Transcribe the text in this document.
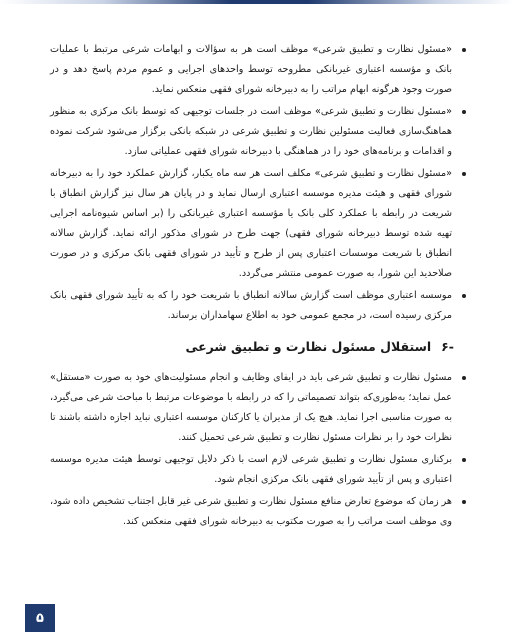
«مسئول نظارت و تطبیق شرعی» موظف است هر به سؤالات و ابهامات شرعی مرتبط با عملیات بانک و مؤسسه اعتباری غیربانکی مطروحه توسط واحدهای اجرایی و عموم مردم پاسخ دهد و در صورت وجود هرگونه ابهام مراتب را به دبیرخانه شورای فقهی منعکس نماید.
«مسئول نظارت و تطبیق شرعی» موظف است در جلسات توجیهی که توسط بانک مرکزی به منظور هماهنگ‌سازی فعالیت مسئولین نظارت و تطبیق شرعی در شبکه بانکی برگزار می‌شود شرکت نموده و اقدامات و برنامه‌های خود را در هماهنگی با دبیرخانه شورای فقهی عملیاتی سازد.
«مسئول نظارت و تطبیق شرعی» مکلف است هر سه ماه یکبار، گزارش عملکرد خود را به دبیرخانه شورای فقهی و هیئت مدیره موسسه اعتباری ارسال نماید و در پایان هر سال نیز گزارش انطباق با شریعت در رابطه با عملکرد کلی بانک یا مؤسسه اعتباری غیربانکی را (بر اساس شیوه‌نامه اجرایی تهیه شده توسط دبیرخانه شورای فقهی) جهت طرح در شورای مذکور ارائه نماید. گزارش سالانه انطباق با شریعت موسسات اعتباری پس از طرح و تأیید در شورای فقهی بانک مرکزی و در صورت صلاحدید این شورا، به صورت عمومی منتشر می‌گردد.
موسسه اعتباری موظف است گزارش سالانه انطباق با شریعت خود را که به تأیید شورای فقهی بانک مرکزی رسیده است، در مجمع عمومی خود به اطلاع سهامداران برساند.
-۶
استقلال مسئول نظارت و تطبیق شرعی
مسئول نظارت و تطبیق شرعی باید در ایفای وظایف و انجام مسئولیت‌های خود به صورت «مستقل» عمل نماید؛ به‌طوری‌که بتواند تصمیماتی را که در رابطه با موضوعات مرتبط با مباحث شرعی می‌گیرد، به صورت مناسبی اجرا نماید. هیچ یک از مدیران یا کارکنان موسسه اعتباری نباید اجازه داشته باشند تا نظرات خود را بر نظرات مسئول نظارت و تطبیق شرعی تحمیل کنند.
برکناری مسئول نظارت و تطبیق شرعی لازم است با ذکر دلایل توجیهی توسط هیئت مدیره موسسه اعتباری و پس از تأیید شورای فقهی بانک مرکزی انجام شود.
هر زمان که موضوع تعارض منافع مسئول نظارت و تطبیق شرعی غیر قابل اجتناب تشخیص داده شود، وی موظف است مراتب را به صورت مکتوب به دبیرخانه شورای فقهی منعکس کند.
۵
